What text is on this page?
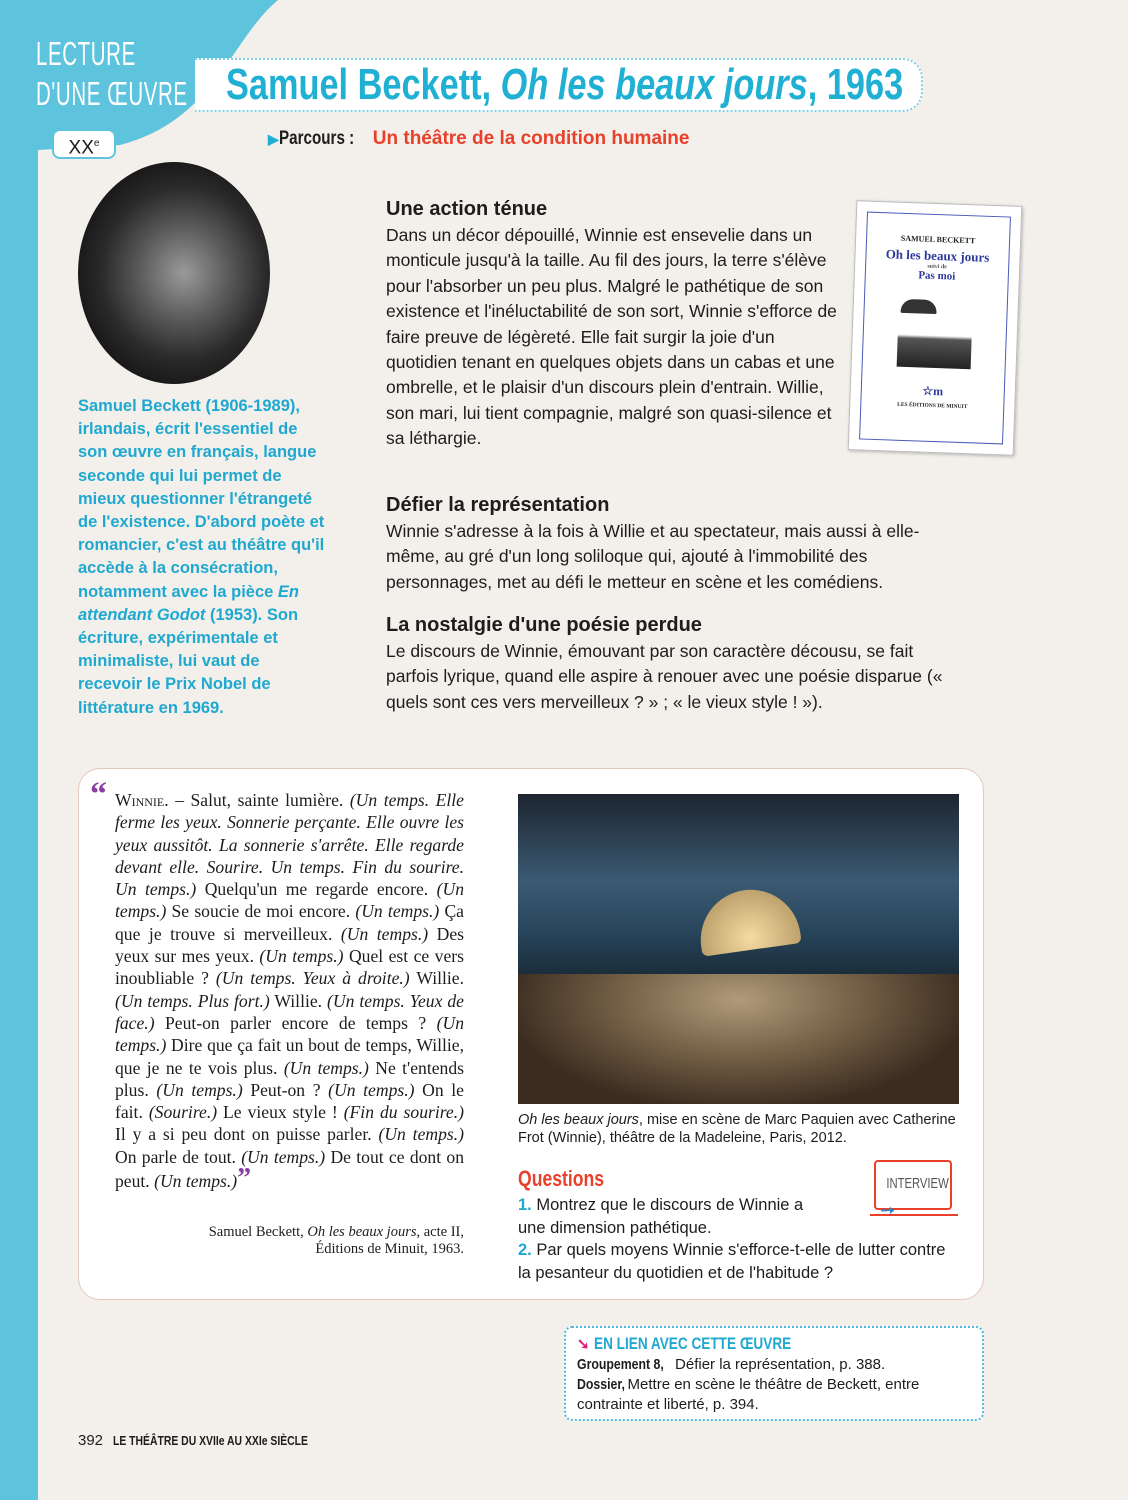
LECTURE
D'UNE ŒUVRE
XXe
Samuel Beckett, Oh les beaux jours, 1963
▶Parcours :Un théâtre de la condition humaine
Samuel Beckett (1906-1989), irlandais, écrit l'essentiel de son œuvre en français, langue seconde qui lui permet de mieux questionner l'étrangeté de l'existence. D'abord poète et romancier, c'est au théâtre qu'il accède à la consécration, notamment avec la pièce En attendant Godot (1953). Son écriture, expérimentale et minimaliste, lui vaut de recevoir le Prix Nobel de littérature en 1969.
Une action ténue

Dans un décor dépouillé, Winnie est ensevelie dans un monticule jusqu'à la taille. Au fil des jours, la terre s'élève pour l'absorber un peu plus. Malgré le pathétique de son existence et l'inéluctabilité de son sort, Winnie s'efforce de faire preuve de légèreté. Elle fait surgir la joie d'un quotidien tenant en quelques objets dans un cabas et une ombrelle, et le plaisir d'un discours plein d'entrain. Willie, son mari, lui tient compagnie, malgré son quasi-silence et sa léthargie.

Défier la représentation

Winnie s'adresse à la fois à Willie et au spectateur, mais aussi à elle-même, au gré d'un long soliloque qui, ajouté à l'immobilité des personnages, met au défi le metteur en scène et les comédiens.

La nostalgie d'une poésie perdue

Le discours de Winnie, émouvant par son caractère décousu, se fait parfois lyrique, quand elle aspire à renouer avec une poésie disparue (« quels sont ces vers merveilleux ? » ; « le vieux style ! »).

SAMUEL BECKETT
Oh les beaux jours
suivi de
Pas moi
☆m
LES ÉDITIONS DE MINUIT
“ Winnie. – Salut, sainte lumière. (Un temps. Elle ferme les yeux. Sonnerie perçante. Elle ouvre les yeux aussitôt. La sonnerie s'arrête. Elle regarde devant elle. Sourire. Un temps. Fin du sourire. Un temps.) Quelqu'un me regarde encore. (Un temps.) Se soucie de moi encore. (Un temps.) Ça que je trouve si merveilleux. (Un temps.) Des yeux sur mes yeux. (Un temps.) Quel est ce vers inoubliable ? (Un temps. Yeux à droite.) Willie. (Un temps. Plus fort.) Willie. (Un temps. Yeux de face.) Peut-on parler encore de temps ? (Un temps.) Dire que ça fait un bout de temps, Willie, que je ne te vois plus. (Un temps.) Ne t'entends plus. (Un temps.) Peut-on ? (Un temps.) On le fait. (Sourire.) Le vieux style ! (Fin du sourire.) Il y a si peu dont on puisse parler. (Un temps.) On parle de tout. (Un temps.) De tout ce dont on peut. (Un temps.)”
Samuel Beckett, Oh les beaux jours, acte II,
Éditions de Minuit, 1963.
Oh les beaux jours, mise en scène de Marc Paquien avec Catherine Frot (Winnie), théâtre de la Madeleine, Paris, 2012.
Questions	INTERVIEW
➚
1. Montrez que le discours de Winnie a une dimension pathétique.
2. Par quels moyens Winnie s'efforce-t-elle de lutter contre la pesanteur du quotidien et de l'habitude ?
➘ EN LIEN AVEC CETTE ŒUVRE
Groupement 8, Défier la représentation, p. 388.
Dossier, Mettre en scène le théâtre de Beckett, entre contrainte et liberté, p. 394.
392 LE THÉÂTRE DU XVIIe AU XXIe SIÈCLE
